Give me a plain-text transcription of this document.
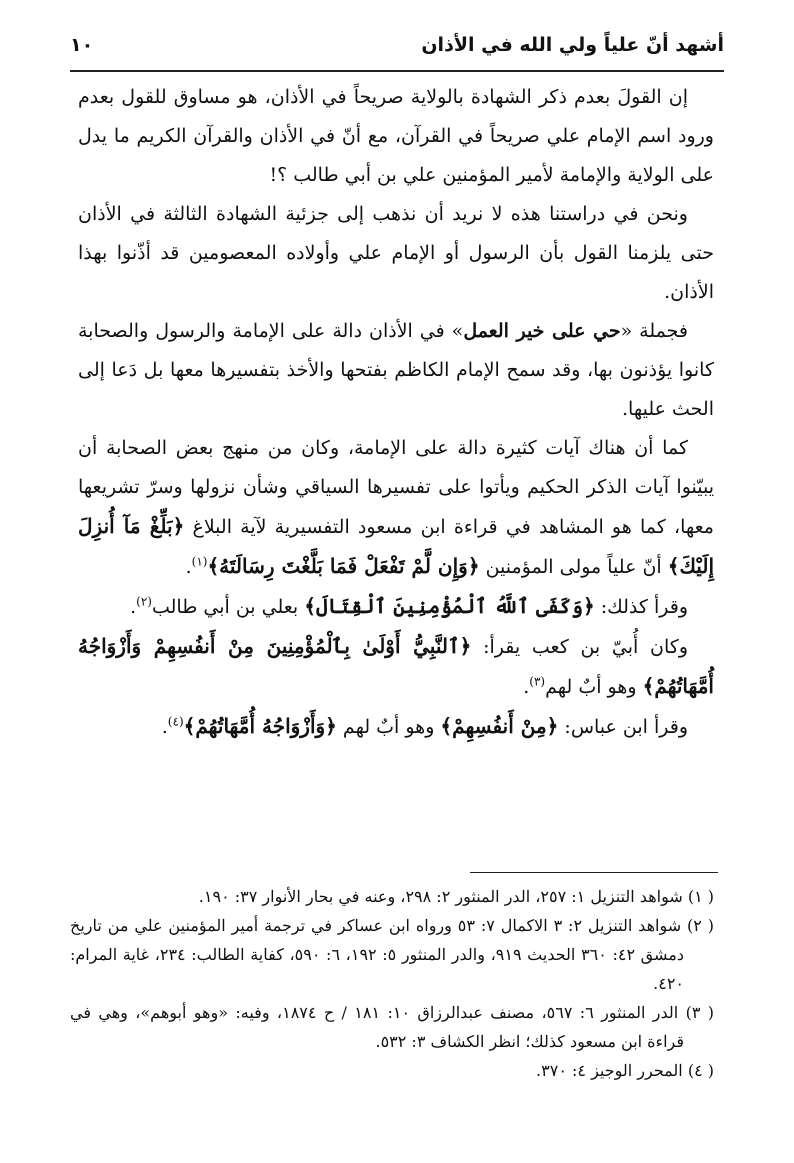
أشهد أنّ علياً ولي الله في الأذان
١٠

إن القولَ بعدم ذكر الشهادة بالولاية صريحاً في الأذان، هو مساوق للقول بعدم ورود اسم الإمام علي صريحاً في القرآن، مع أنّ في الأذان والقرآن الكريم ما يدل على الولاية والإمامة لأمير المؤمنين علي بن أبي طالب ؟!

ونحن في دراستنا هذه لا نريد أن نذهب إلى جزئية الشهادة الثالثة في الأذان حتى يلزمنا القول بأن الرسول أو الإمام علي وأولاده المعصومين قد أذّنوا بهذا الأذان.

فجملة «حي على خير العمل» في الأذان دالة على الإمامة والرسول والصحابة كانوا يؤذنون بها، وقد سمح الإمام الكاظم بفتحها والأخذ بتفسيرها معها بل دَعا إلى الحث عليها.

كما أن هناك آيات كثيرة دالة على الإمامة، وكان من منهج بعض الصحابة أن يبيّنوا آيات الذكر الحكيم ويأتوا على تفسيرها السياقي وشأن نزولها وسرّ تشريعها معها، كما هو المشاهد في قراءة ابن مسعود التفسيرية لآية البلاغ ﴿بَلِّغْ مَآ أُنزِلَ إِلَيْكَ﴾ أنّ علياً مولى المؤمنين ﴿وَإِن لَّمْ تَفْعَلْ فَمَا بَلَّغْتَ رِسَالَتَهُ﴾$^{(١)}$.

وقرأ كذلك: ﴿وَكَفَى ٱللَّهُ ٱلْمُؤْمِنِينَ ٱلْقِتَالَ﴾ بعلي بن أبي طالب$^{(٢)}$.

وكان أُبيّ بن كعب يقرأ: ﴿ٱلنَّبِيُّ أَوْلَىٰ بِٱلْمُؤْمِنِينَ مِنْ أَنفُسِهِمْ وَأَزْوَاجُهُ أُمَّهَاتُهُمْ﴾ وهو أبٌ لهم$^{(٣)}$.

وقرأ ابن عباس: ﴿مِنْ أَنفُسِهِمْ﴾ وهو أبٌ لهم ﴿وَأَزْوَاجُهُ أُمَّهَاتُهُمْ﴾$^{(٤)}$.

( ١) شواهد التنزيل ١: ٢٥٧، الدر المنثور ٢: ٢٩٨، وعنه في بحار الأنوار ٣٧: ١٩٠.

( ٢) شواهد التنزيل ٢: ٣ الاكمال ٧: ٥٣ ورواه ابن عساكر في ترجمة أمير المؤمنين علي من تاريخ دمشق ٤٢: ٣٦٠ الحديث ٩١٩، والدر المنثور ٥: ١٩٢، ٦: ٥٩٠، كفاية الطالب: ٢٣٤، غاية المرام: ٤٢٠.

( ٣) الدر المنثور ٦: ٥٦٧، مصنف عبدالرزاق ١٠: ١٨١ / ح ١٨٧٤، وفيه: «وهو أبوهم»، وهي في قراءة ابن مسعود كذلك؛ انظر الكشاف ٣: ٥٣٢.

( ٤) المحرر الوجيز ٤: ٣٧٠.
